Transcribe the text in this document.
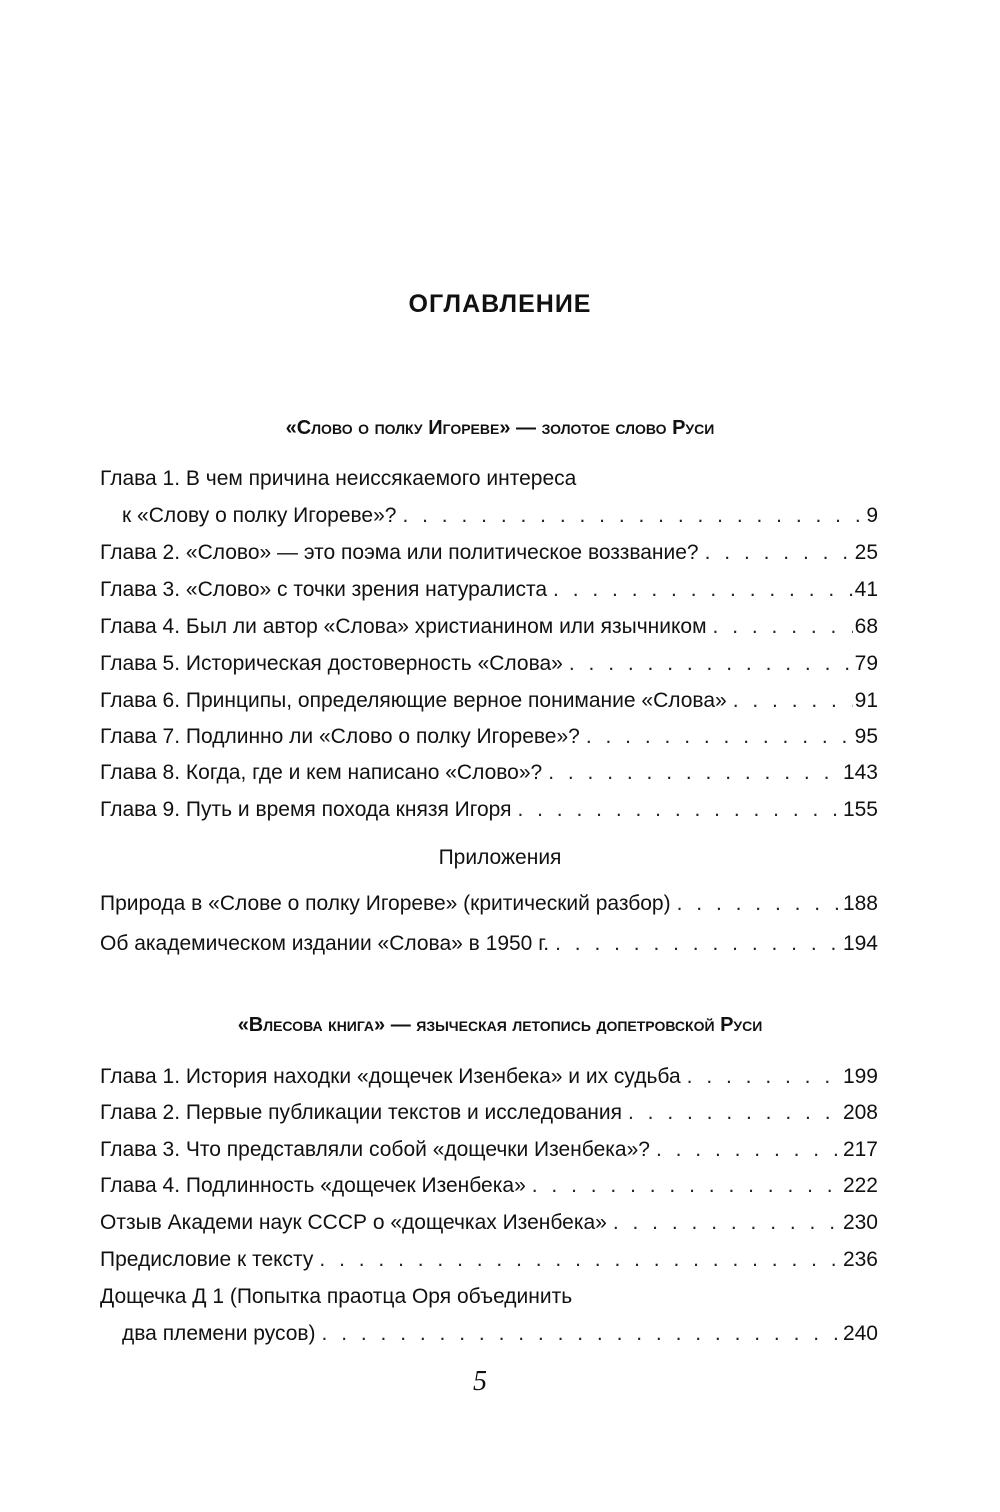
ОГЛАВЛЕНИЕ
«Слово о полку Игореве» — золотое слово Руси
Глава 1. В чем причина неиссякаемого интереса
к «Слову о полку Игореве»? . . .	9
Глава 2. «Слово» — это поэма или политическое воззвание? . . .	25
Глава 3. «Слово» с точки зрения натуралиста . . .	41
Глава 4. Был ли автор «Слова» христианином или язычником . . .	68
Глава 5. Историческая достоверность «Слова» . . .	79
Глава 6. Принципы, определяющие верное понимание «Слова» . . .	91
Глава 7. Подлинно ли «Слово о полку Игореве»? . . .	95
Глава 8. Когда, где и кем написано «Слово»? . . .	143
Глава 9. Путь и время похода князя Игоря . . .	155
Приложения
Природа в «Слове о полку Игореве» (критический разбор) . . .	188
Об академическом издании «Слова» в 1950 г. . . .	194
«Влесова книга» — языческая летопись допетровской Руси
Глава 1. История находки «дощечек Изенбека» и их судьба . . .	199
Глава 2. Первые публикации текстов и исследования . . .	208
Глава 3. Что представляли собой «дощечки Изенбека»? . . .	217
Глава 4. Подлинность «дощечек Изенбека» . . .	222
Отзыв Академи наук СССР о «дощечках Изенбека» . . .	230
Предисловие к тексту . . .	236
Дощечка Д 1 (Попытка праотца Оря объединить
два племени русов) . . .	240
5
